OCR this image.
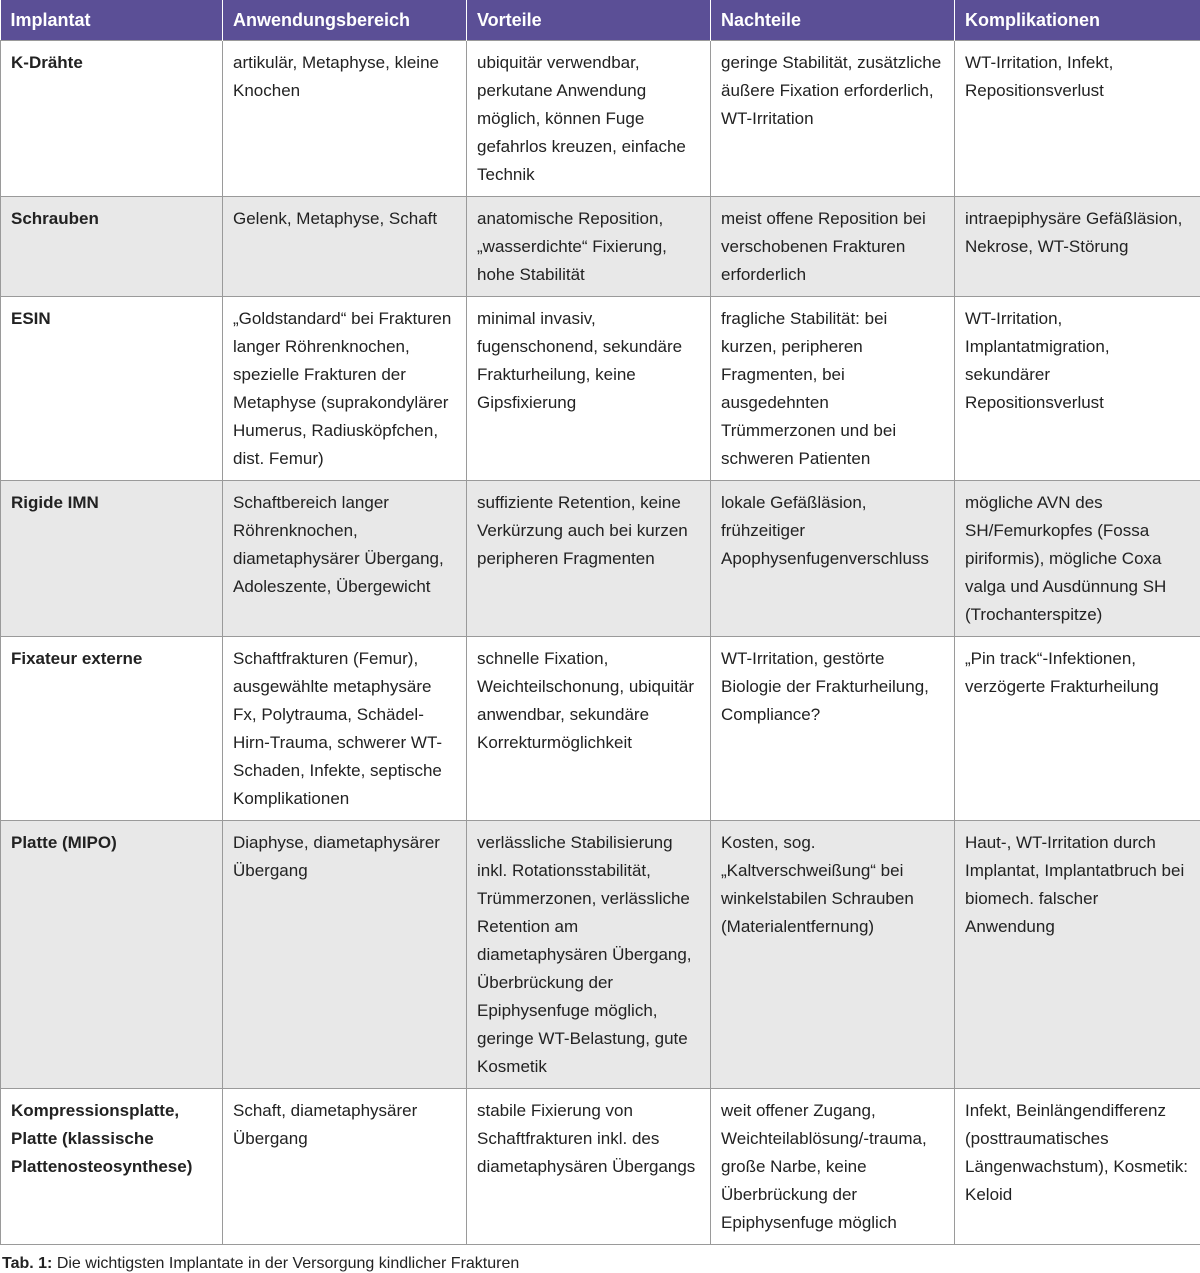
Implantat	Anwendungsbereich	Vorteile	Nachteile	Komplikationen
K-Drähte	artikulär, Metaphyse, kleine Knochen	ubiquitär verwendbar, perkutane Anwendung möglich, können Fuge gefahrlos kreuzen, einfache Technik	geringe Stabilität, zusätzliche äußere Fixation erforderlich, WT-Irritation	WT-Irritation, Infekt, Repositionsverlust
Schrauben	Gelenk, Metaphyse, Schaft	anatomische Reposition, „wasserdichte“ Fixierung, hohe Stabilität	meist offene Reposition bei verschobenen Frakturen erforderlich	intraepiphysäre Gefäßläsion, Nekrose, WT-Störung
ESIN	„Goldstandard“ bei Frakturen langer Röhrenknochen, spezielle Frakturen der Metaphyse (suprakondylärer Humerus, Radiusköpfchen, dist. Femur)	minimal invasiv, fugenschonend, sekundäre Frakturheilung, keine Gipsfixierung	fragliche Stabilität: bei kurzen, peripheren Fragmenten, bei ausgedehnten Trümmerzonen und bei schweren Patienten	WT-Irritation, Implantatmigration, sekundärer Repositionsverlust
Rigide IMN	Schaftbereich langer Röhrenknochen, diametaphysärer Übergang, Adoleszente, Übergewicht	suffiziente Retention, keine Verkürzung auch bei kurzen peripheren Fragmenten	lokale Gefäßläsion, frühzeitiger Apophysenfugenverschluss	mögliche AVN des SH/Femurkopfes (Fossa piriformis), mögliche Coxa valga und Ausdünnung SH (Trochanterspitze)
Fixateur externe	Schaftfrakturen (Femur), ausgewählte metaphysäre Fx, Polytrauma, Schädel-Hirn-Trauma, schwerer WT-Schaden, Infekte, septische Komplikationen	schnelle Fixation, Weichteilschonung, ubiquitär anwendbar, sekundäre Korrekturmöglichkeit	WT-Irritation, gestörte Biologie der Frakturheilung, Compliance?	„Pin track“-Infektionen, verzögerte Frakturheilung
Platte (MIPO)	Diaphyse, diametaphysärer Übergang	verlässliche Stabilisierung inkl. Rotationsstabilität, Trümmerzonen, verlässliche Retention am diametaphysären Übergang, Überbrückung der Epiphysenfuge möglich, geringe WT-Belastung, gute Kosmetik	Kosten, sog. „Kaltverschweißung“ bei winkelstabilen Schrauben (Materialentfernung)	Haut-, WT-Irritation durch Implantat, Implantatbruch bei biomech. falscher Anwendung
Kompressionsplatte, Platte (klassische Plattenosteosynthese)	Schaft, diametaphysärer Übergang	stabile Fixierung von Schaftfrakturen inkl. des diametaphysären Übergangs	weit offener Zugang, Weichteilablösung/-trauma, große Narbe, keine Überbrückung der Epiphysenfuge möglich	Infekt, Beinlängendifferenz (posttraumatisches Längenwachstum), Kosmetik: Keloid
Tab. 1: Die wichtigsten Implantate in der Versorgung kindlicher Frakturen
